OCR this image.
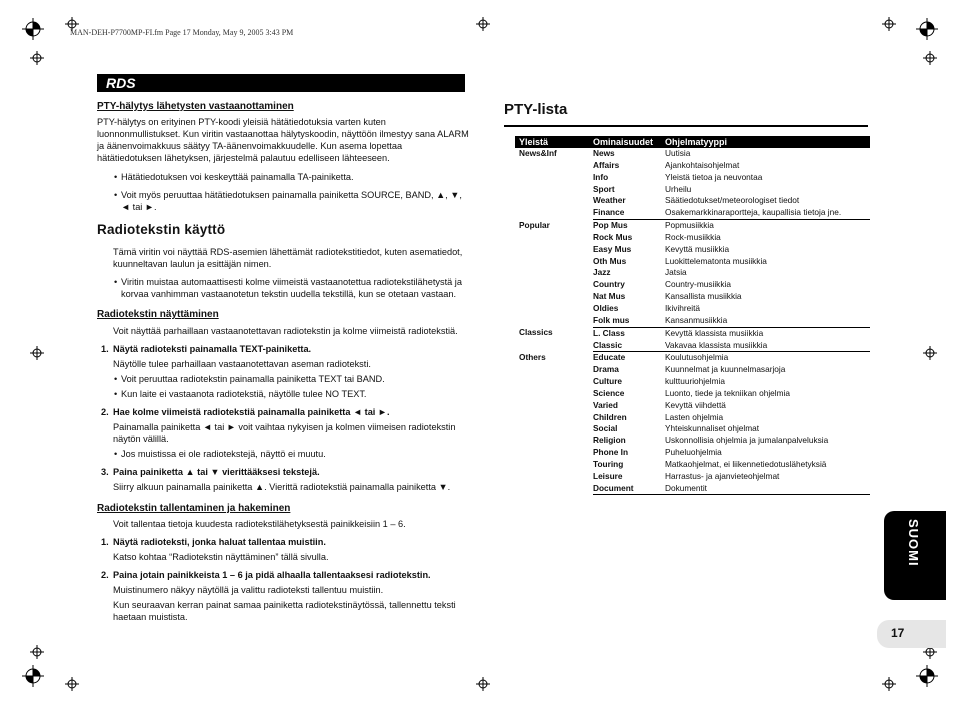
MAN-DEH-P7700MP-FI.fm Page 17 Monday, May 9, 2005 3:43 PM
RDS
PTY-hälytys lähetysten vastaanottaminen

PTY-hälytys on erityinen PTY-koodi yleisiä hätätiedotuksia varten kuten luonnonmullistukset. Kun viritin vastaanottaa hälytyskoodin, näyttöön ilmestyy sana ALARM ja äänenvoimakkuus säätyy TA-äänenvoimakkuudelle. Kun asema lopettaa hätätiedotuksen lähetyksen, järjestelmä palautuu edelliseen lähteeseen.

• Hätätiedotuksen voi keskeyttää painamalla TA-painiketta.
• Voit myös peruuttaa hätätiedotuksen painamalla painiketta SOURCE, BAND, ▲, ▼, ◄ tai ►.
Radiotekstin käyttö

Tämä viritin voi näyttää RDS-asemien lähettämät radiotekstitiedot, kuten asematiedot, kuunneltavan laulun ja esittäjän nimen.

• Viritin muistaa automaattisesti kolme viimeistä vastaanotettua radiotekstilähetystä ja korvaa vanhimman vastaanotetun tekstin uudella tekstillä, kun se otetaan vastaan.
Radiotekstin näyttäminen

Voit näyttää parhaillaan vastaanotettavan radiotekstin ja kolme viimeistä radiotekstiä.

1. Näytä radioteksti painamalla TEXT-painiketta.

Näytölle tulee parhaillaan vastaanotettavan aseman radioteksti.

• Voit peruuttaa radiotekstin painamalla painiketta TEXT tai BAND.
• Kun laite ei vastaanota radiotekstiä, näytölle tulee NO TEXT.
2. Hae kolme viimeistä radiotekstiä painamalla painiketta ◄ tai ►.

Painamalla painiketta ◄ tai ► voit vaihtaa nykyisen ja kolmen viimeisen radiotekstin näytön välillä.

• Jos muistissa ei ole radiotekstejä, näyttö ei muutu.
3. Paina painiketta ▲ tai ▼ vierittääksesi tekstejä.

Siirry alkuun painamalla painiketta ▲. Vierittä radiotekstiä painamalla painiketta ▼.

Radiotekstin tallentaminen ja hakeminen

Voit tallentaa tietoja kuudesta radiotekstilähetyksestä painikkeisiin 1 – 6.

1. Näytä radioteksti, jonka haluat tallentaa muistiin.

Katso kohtaa “Radiotekstin näyttäminen” tällä sivulla.

2. Paina jotain painikkeista 1 – 6 ja pidä alhaalla tallentaaksesi radiotekstin.

Muistinumero näkyy näytöllä ja valittu radioteksti tallentuu muistiin.

Kun seuraavan kerran painat samaa painiketta radiotekstinäytössä, tallennettu teksti haetaan muistista.

PTY-lista
Yleistä	Ominaisuudet	Ohjelmatyyppi
News&Inf	News	Uutisia
	Affairs	Ajankohtaisohjelmat
	Info	Yleistä tietoa ja neuvontaa
	Sport	Urheilu
	Weather	Säätiedotukset/meteorologiset tiedot
	Finance	Osakemarkkinaraportteja, kaupallisia tietoja jne.
Popular	Pop Mus	Popmusiikkia
	Rock Mus	Rock-musiikkia
	Easy Mus	Kevyttä musiikkia
	Oth Mus	Luokittelematonta musiikkia
	Jazz	Jatsia
	Country	Country-musiikkia
	Nat Mus	Kansallista musiikkia
	Oldies	Ikivihreitä
	Folk mus	Kansanmusiikkia
Classics	L. Class	Kevyttä klassista musiikkia
	Classic	Vakavaa klassista musiikkia
Others	Educate	Koulutusohjelmia
	Drama	Kuunnelmat ja kuunnelmasarjoja
	Culture	kulttuuriohjelmia
	Science	Luonto, tiede ja tekniikan ohjelmia
	Varied	Kevyttä viihdettä
	Children	Lasten ohjelmia
	Social	Yhteiskunnaliset ohjelmat
	Religion	Uskonnollisia ohjelmia ja jumalanpalveluksia
	Phone In	Puheluohjelmia
	Touring	Matkaohjelmat, ei liikennetiedotuslähetyksiä
	Leisure	Harrastus- ja ajanvieteohjelmat
	Document	Dokumentit
SUOMI
17
